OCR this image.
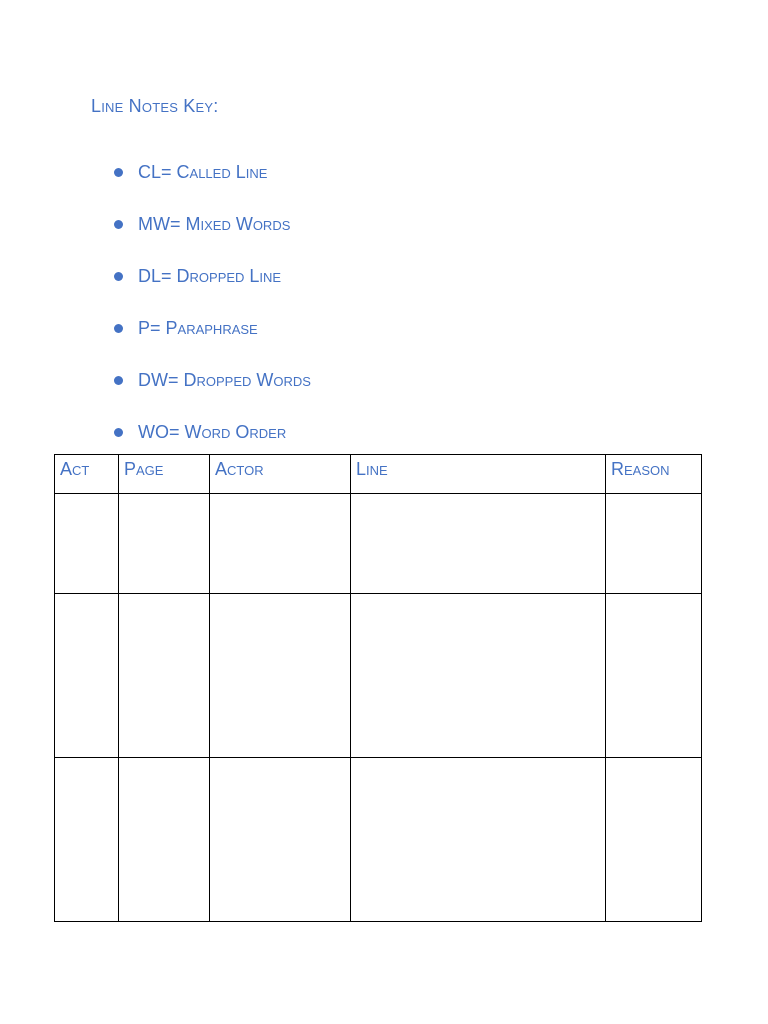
Line Notes Key:
CL= Called Line
MW= Mixed Words
DL= Dropped Line
P= Paraphrase
DW= Dropped Words
WO= Word Order
Act	Page	Actor	Line	Reason
